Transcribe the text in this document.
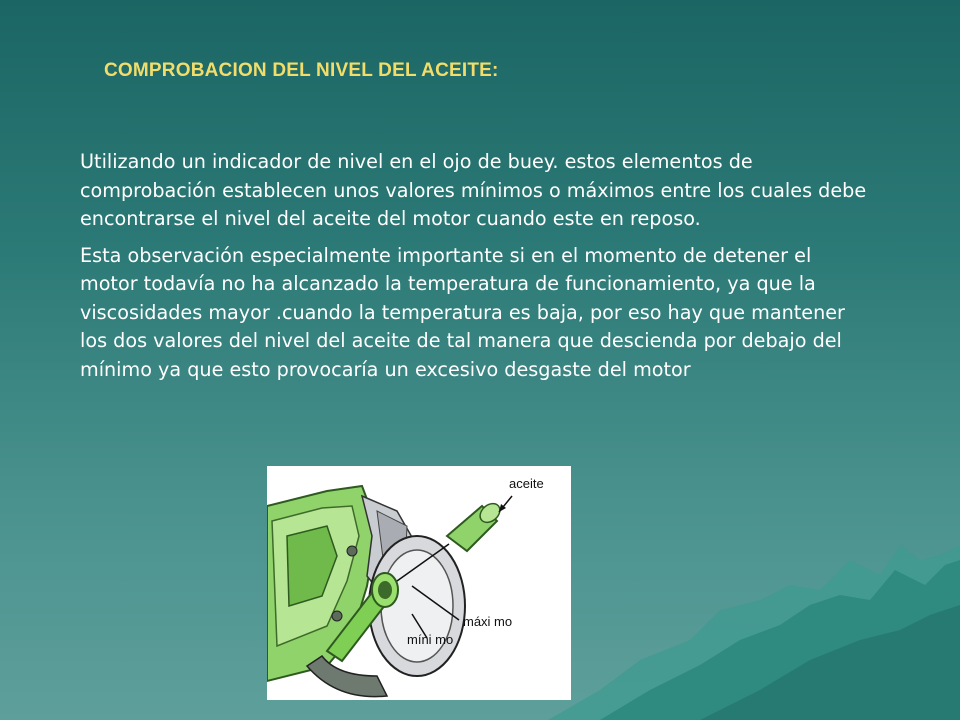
COMPROBACION DEL NIVEL DEL ACEITE:

Utilizando un indicador de nivel en el ojo de buey. estos elementos de comprobación establecen unos valores mínimos o máximos entre los cuales debe encontrarse el nivel del aceite del motor cuando este en reposo.

Esta observación especialmente importante si en el momento de detener el motor todavía no ha alcanzado la temperatura de funcionamiento, ya que la viscosidades mayor .cuando la temperatura es baja, por eso hay que mantener los dos valores del nivel del aceite de tal manera que descienda por debajo del mínimo ya que esto provocaría un excesivo desgaste del motor

aceite
máxi mo
míni mo
